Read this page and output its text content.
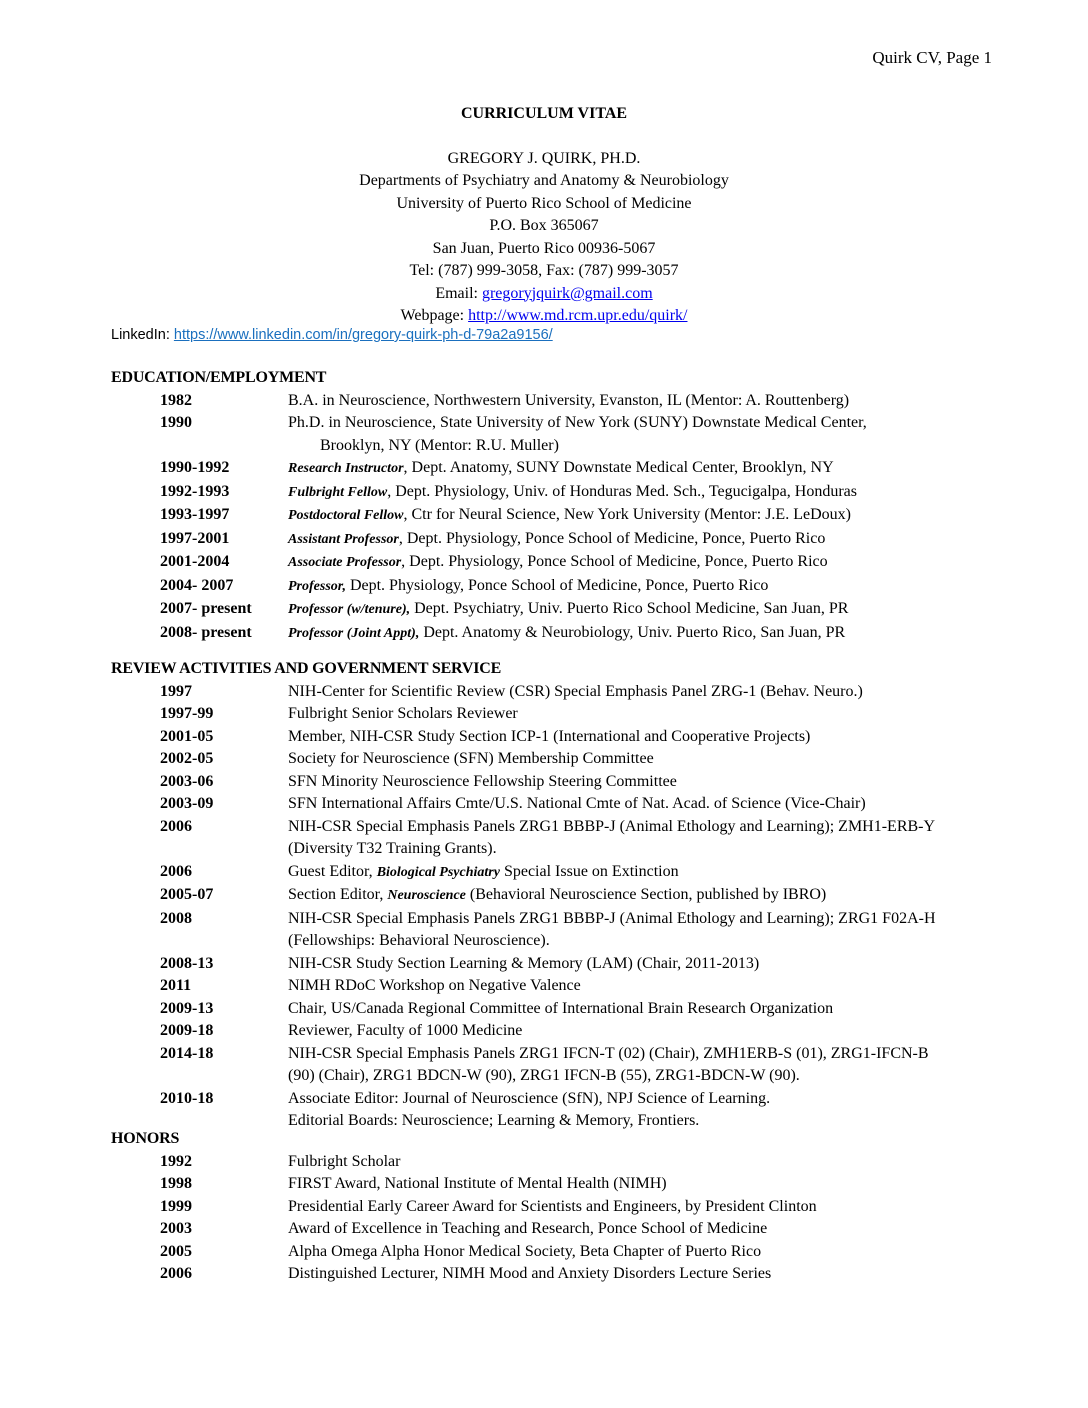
Quirk CV, Page 1
CURRICULUM VITAE
GREGORY J. QUIRK, PH.D.
Departments of Psychiatry and Anatomy & Neurobiology
University of Puerto Rico School of Medicine
P.O. Box 365067
San Juan, Puerto Rico 00936-5067
Tel: (787) 999-3058, Fax: (787) 999-3057
Email: gregoryjquirk@gmail.com
Webpage: http://www.md.rcm.upr.edu/quirk/
LinkedIn: https://www.linkedin.com/in/gregory-quirk-ph-d-79a2a9156/
EDUCATION/EMPLOYMENT
1982	B.A. in Neuroscience, Northwestern University, Evanston, IL (Mentor: A. Routtenberg)
1990	Ph.D. in Neuroscience, State University of New York (SUNY) Downstate Medical Center,
Brooklyn, NY (Mentor: R.U. Muller)
1990-1992	Research Instructor, Dept. Anatomy, SUNY Downstate Medical Center, Brooklyn, NY
1992-1993	Fulbright Fellow, Dept. Physiology, Univ. of Honduras Med. Sch., Tegucigalpa, Honduras
1993-1997	Postdoctoral Fellow, Ctr for Neural Science, New York University (Mentor: J.E. LeDoux)
1997-2001	Assistant Professor, Dept. Physiology, Ponce School of Medicine, Ponce, Puerto Rico
2001-2004	Associate Professor, Dept. Physiology, Ponce School of Medicine, Ponce, Puerto Rico
2004- 2007	Professor, Dept. Physiology, Ponce School of Medicine, Ponce, Puerto Rico
2007- present	Professor (w/tenure), Dept. Psychiatry, Univ. Puerto Rico School Medicine, San Juan, PR
2008- present	Professor (Joint Appt), Dept. Anatomy & Neurobiology, Univ. Puerto Rico, San Juan, PR
REVIEW ACTIVITIES AND GOVERNMENT SERVICE
1997	NIH-Center for Scientific Review (CSR) Special Emphasis Panel ZRG-1 (Behav. Neuro.)
1997-99	Fulbright Senior Scholars Reviewer
2001-05	Member, NIH-CSR Study Section ICP-1 (International and Cooperative Projects)
2002-05	Society for Neuroscience (SFN) Membership Committee
2003-06	SFN Minority Neuroscience Fellowship Steering Committee
2003-09	SFN International Affairs Cmte/U.S. National Cmte of Nat. Acad. of Science (Vice-Chair)
2006	NIH-CSR Special Emphasis Panels ZRG1 BBBP-J (Animal Ethology and Learning); ZMH1-ERB-Y
(Diversity T32 Training Grants).
2006	Guest Editor, Biological Psychiatry Special Issue on Extinction
2005-07	Section Editor, Neuroscience (Behavioral Neuroscience Section, published by IBRO)
2008	NIH-CSR Special Emphasis Panels ZRG1 BBBP-J (Animal Ethology and Learning); ZRG1 F02A-H
(Fellowships: Behavioral Neuroscience).
2008-13	NIH-CSR Study Section Learning & Memory (LAM) (Chair, 2011-2013)
2011	NIMH RDoC Workshop on Negative Valence
2009-13	Chair, US/Canada Regional Committee of International Brain Research Organization
2009-18	Reviewer, Faculty of 1000 Medicine
2014-18	NIH-CSR Special Emphasis Panels ZRG1 IFCN-T (02) (Chair), ZMH1ERB-S (01), ZRG1-IFCN-B
(90) (Chair), ZRG1 BDCN-W (90), ZRG1 IFCN-B (55), ZRG1-BDCN-W (90).
2010-18	Associate Editor: Journal of Neuroscience (SfN), NPJ Science of Learning.
Editorial Boards: Neuroscience; Learning & Memory, Frontiers.
HONORS
1992	Fulbright Scholar
1998	FIRST Award, National Institute of Mental Health (NIMH)
1999	Presidential Early Career Award for Scientists and Engineers, by President Clinton
2003	Award of Excellence in Teaching and Research, Ponce School of Medicine
2005	Alpha Omega Alpha Honor Medical Society, Beta Chapter of Puerto Rico
2006	Distinguished Lecturer, NIMH Mood and Anxiety Disorders Lecture Series
